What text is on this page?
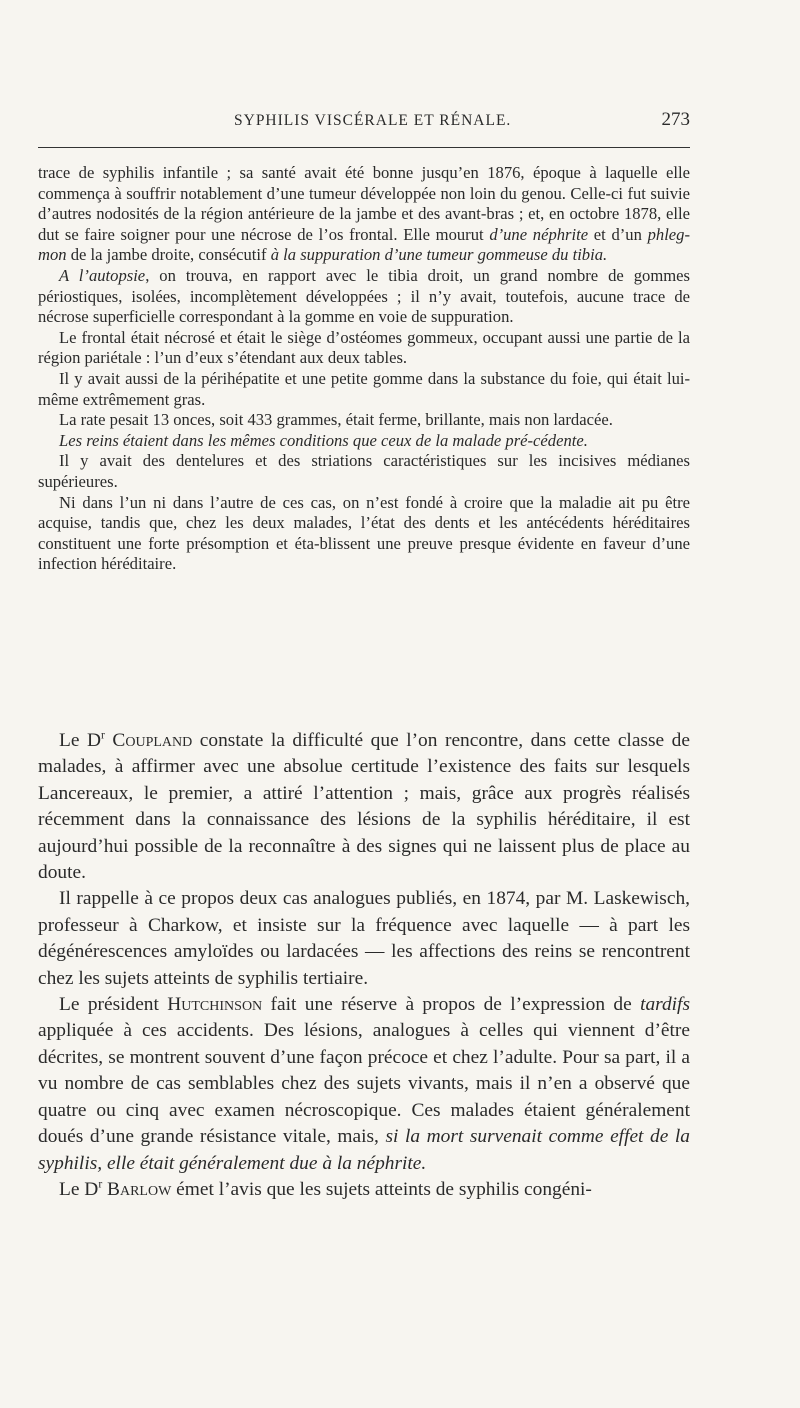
SYPHILIS VISCÉRALE ET RÉNALE.	273

trace de syphilis infantile ; sa santé avait été bonne jusqu’en 1876, époque à laquelle elle commença à souffrir notablement d’une tumeur développée non loin du genou. Celle-ci fut suivie d’autres nodosités de la région antérieure de la jambe et des avant-bras ; et, en octobre 1878, elle dut se faire soigner pour une nécrose de l’os frontal. Elle mourut d’une néphrite et d’un phleg-mon de la jambe droite, consécutif à la suppuration d’une tumeur gommeuse du tibia.

A l’autopsie, on trouva, en rapport avec le tibia droit, un grand nombre de gommes périostiques, isolées, incomplètement développées ; il n’y avait, toutefois, aucune trace de nécrose superficielle correspondant à la gomme en voie de suppuration.

Le frontal était nécrosé et était le siège d’ostéomes gommeux, occupant aussi une partie de la région pariétale : l’un d’eux s’étendant aux deux tables.

Il y avait aussi de la périhépatite et une petite gomme dans la substance du foie, qui était lui-même extrêmement gras.

La rate pesait 13 onces, soit 433 grammes, était ferme, brillante, mais non lardacée.

Les reins étaient dans les mêmes conditions que ceux de la malade pré-cédente.

Il y avait des dentelures et des striations caractéristiques sur les incisives médianes supérieures.

Ni dans l’un ni dans l’autre de ces cas, on n’est fondé à croire que la maladie ait pu être acquise, tandis que, chez les deux malades, l’état des dents et les antécédents héréditaires constituent une forte présomption et éta-blissent une preuve presque évidente en faveur d’une infection héréditaire.

Le $D^r$ Coupland constate la difficulté que l’on rencontre, dans cette classe de malades, à affirmer avec une absolue certitude l’existence des faits sur lesquels Lancereaux, le premier, a attiré l’attention ; mais, grâce aux progrès réalisés récemment dans la connaissance des lésions de la syphilis héréditaire, il est aujourd’hui possible de la reconnaître à des signes qui ne laissent plus de place au doute.

Il rappelle à ce propos deux cas analogues publiés, en 1874, par M. Laskewisch, professeur à Charkow, et insiste sur la fréquence avec laquelle — à part les dégénérescences amyloïdes ou lardacées — les affections des reins se rencontrent chez les sujets atteints de syphilis tertiaire.

Le président Hutchinson fait une réserve à propos de l’expression de tardifs appliquée à ces accidents. Des lésions, analogues à celles qui viennent d’être décrites, se montrent souvent d’une façon précoce et chez l’adulte. Pour sa part, il a vu nombre de cas semblables chez des sujets vivants, mais il n’en a observé que quatre ou cinq avec examen nécroscopique. Ces malades étaient généralement doués d’une grande résistance vitale, mais, si la mort survenait comme effet de la syphilis, elle était généralement due à la néphrite.

Le $D^r$ Barlow émet l’avis que les sujets atteints de syphilis congéni-
